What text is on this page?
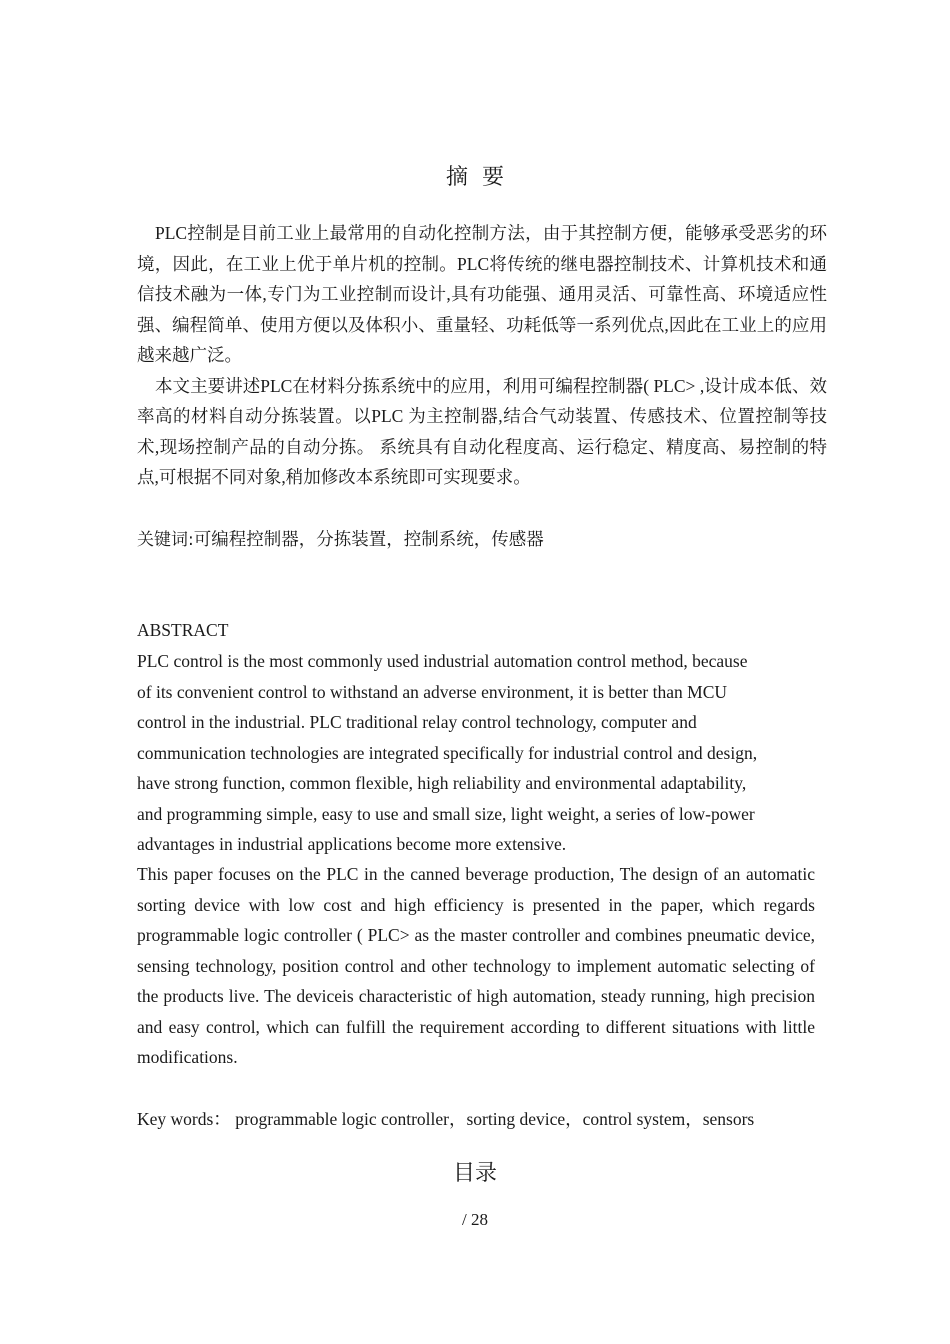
摘要

PLC控制是目前工业上最常用的自动化控制方法，由于其控制方便，能够承受恶劣的环境，因此，在工业上优于单片机的控制。PLC将传统的继电器控制技术、计算机技术和通信技术融为一体,专门为工业控制而设计,具有功能强、通用灵活、可靠性高、环境适应性强、编程简单、使用方便以及体积小、重量轻、功耗低等一系列优点,因此在工业上的应用越来越广泛。

本文主要讲述PLC在材料分拣系统中的应用，利用可编程控制器( PLC> ,设计成本低、效率高的材料自动分拣装置。以PLC 为主控制器,结合气动装置、传感技术、位置控制等技术,现场控制产品的自动分拣。 系统具有自动化程度高、运行稳定、精度高、易控制的特点,可根据不同对象,稍加修改本系统即可实现要求。

关键词:可编程控制器，分拣装置，控制系统，传感器
ABSTRACT

PLC control is the most commonly used industrial automation control method, because

of its convenient control to withstand an adverse environment, it is better than MCU

control in the industrial. PLC traditional relay control technology, computer and

communication technologies are integrated specifically for industrial control and design,

have strong function, common flexible, high reliability and environmental adaptability,

and programming simple, easy to use and small size, light weight, a series of low-power

advantages in industrial applications become more extensive.

This paper focuses on the PLC in the canned beverage production, The design of an automatic sorting device with low cost and high efficiency is presented in the paper, which regards programmable logic controller ( PLC> as the master controller and combines pneumatic device, sensing technology, position control and other technology to implement automatic selecting of the products live. The deviceis characteristic of high automation, steady running, high precision and easy control, which can fulfill the requirement according to different situations with little modifications.

Key words： programmable logic controller，sorting device，control system，sensors
目录
/ 28
